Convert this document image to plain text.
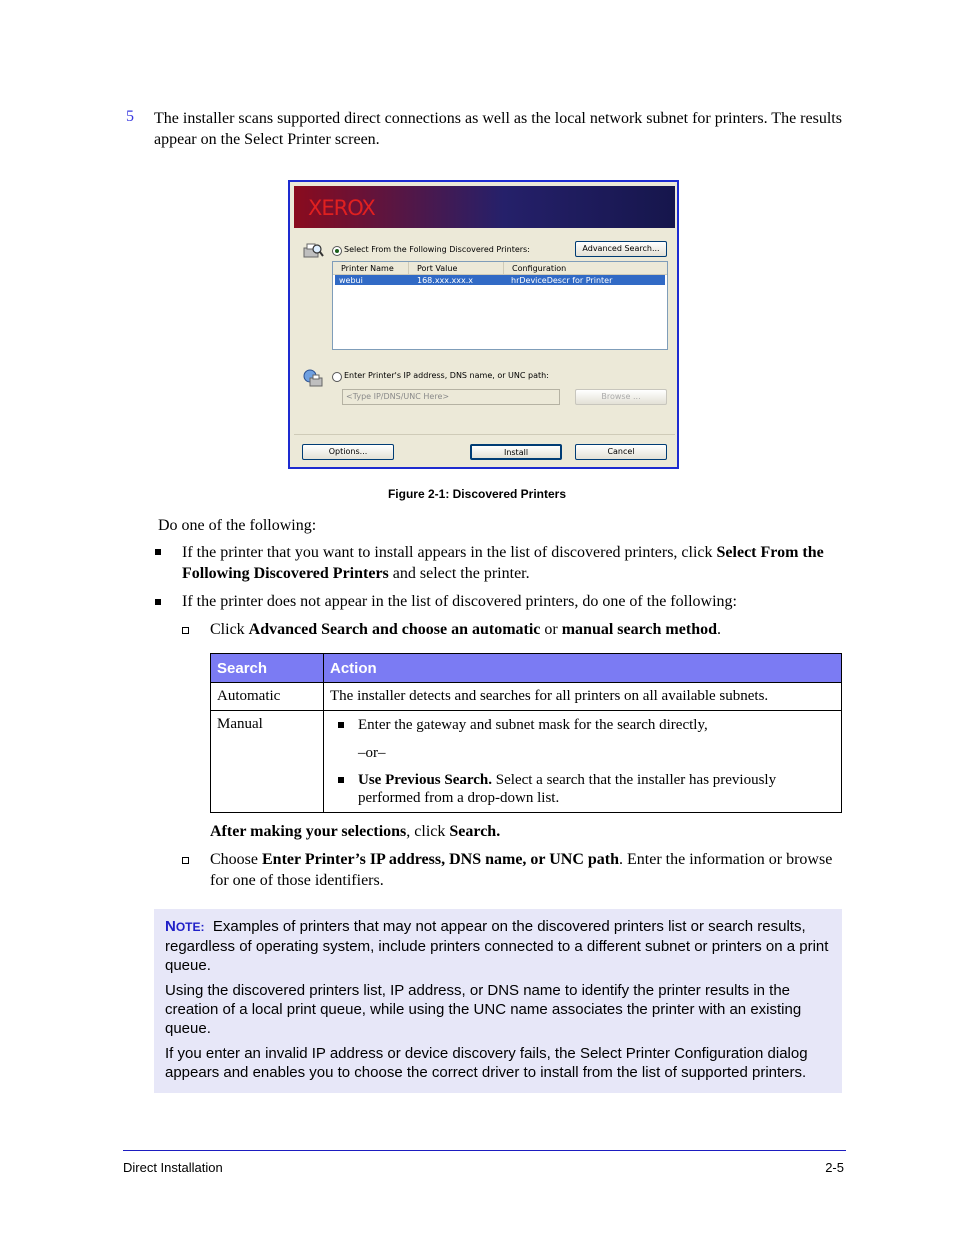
5 The installer scans supported direct connections as well as the local network subnet for printers. The results appear on the Select Printer screen.
XEROX
Select From the Following Discovered Printers:	Advanced Search...
Printer Name	Port Value	Configuration
webui	168.xxx.xxx.x	hrDeviceDescr for Printer
Enter Printer's IP address, DNS name, or UNC path:
<Type IP/DNS/UNC Here>	Browse ...
Options...	Install	Cancel
Figure 2-1: Discovered Printers
Do one of the following:
If the printer that you want to install appears in the list of discovered printers, click Select From the Following Discovered Printers and select the printer.
If the printer does not appear in the list of discovered printers, do one of the following:
Click Advanced Search and choose an automatic or manual search method.
Search	Action
Automatic	The installer detects and searches for all printers on all available subnets.
Manual	Enter the gateway and subnet mask for the search directly,
–or–
Use Previous Search. Select a search that the installer has previously performed from a drop-down list.
After making your selections, click Search.
Choose Enter Printer’s IP address, DNS name, or UNC path. Enter the information or browse for one of those identifiers.

NOTE: Examples of printers that may not appear on the discovered printers list or search results, regardless of operating system, include printers connected to a different subnet or printers on a print queue.

Using the discovered printers list, IP address, or DNS name to identify the printer results in the creation of a local print queue, while using the UNC name associates the printer with an existing queue.

If you enter an invalid IP address or device discovery fails, the Select Printer Configuration dialog appears and enables you to choose the correct driver to install from the list of supported printers.

Direct Installation	2-5
